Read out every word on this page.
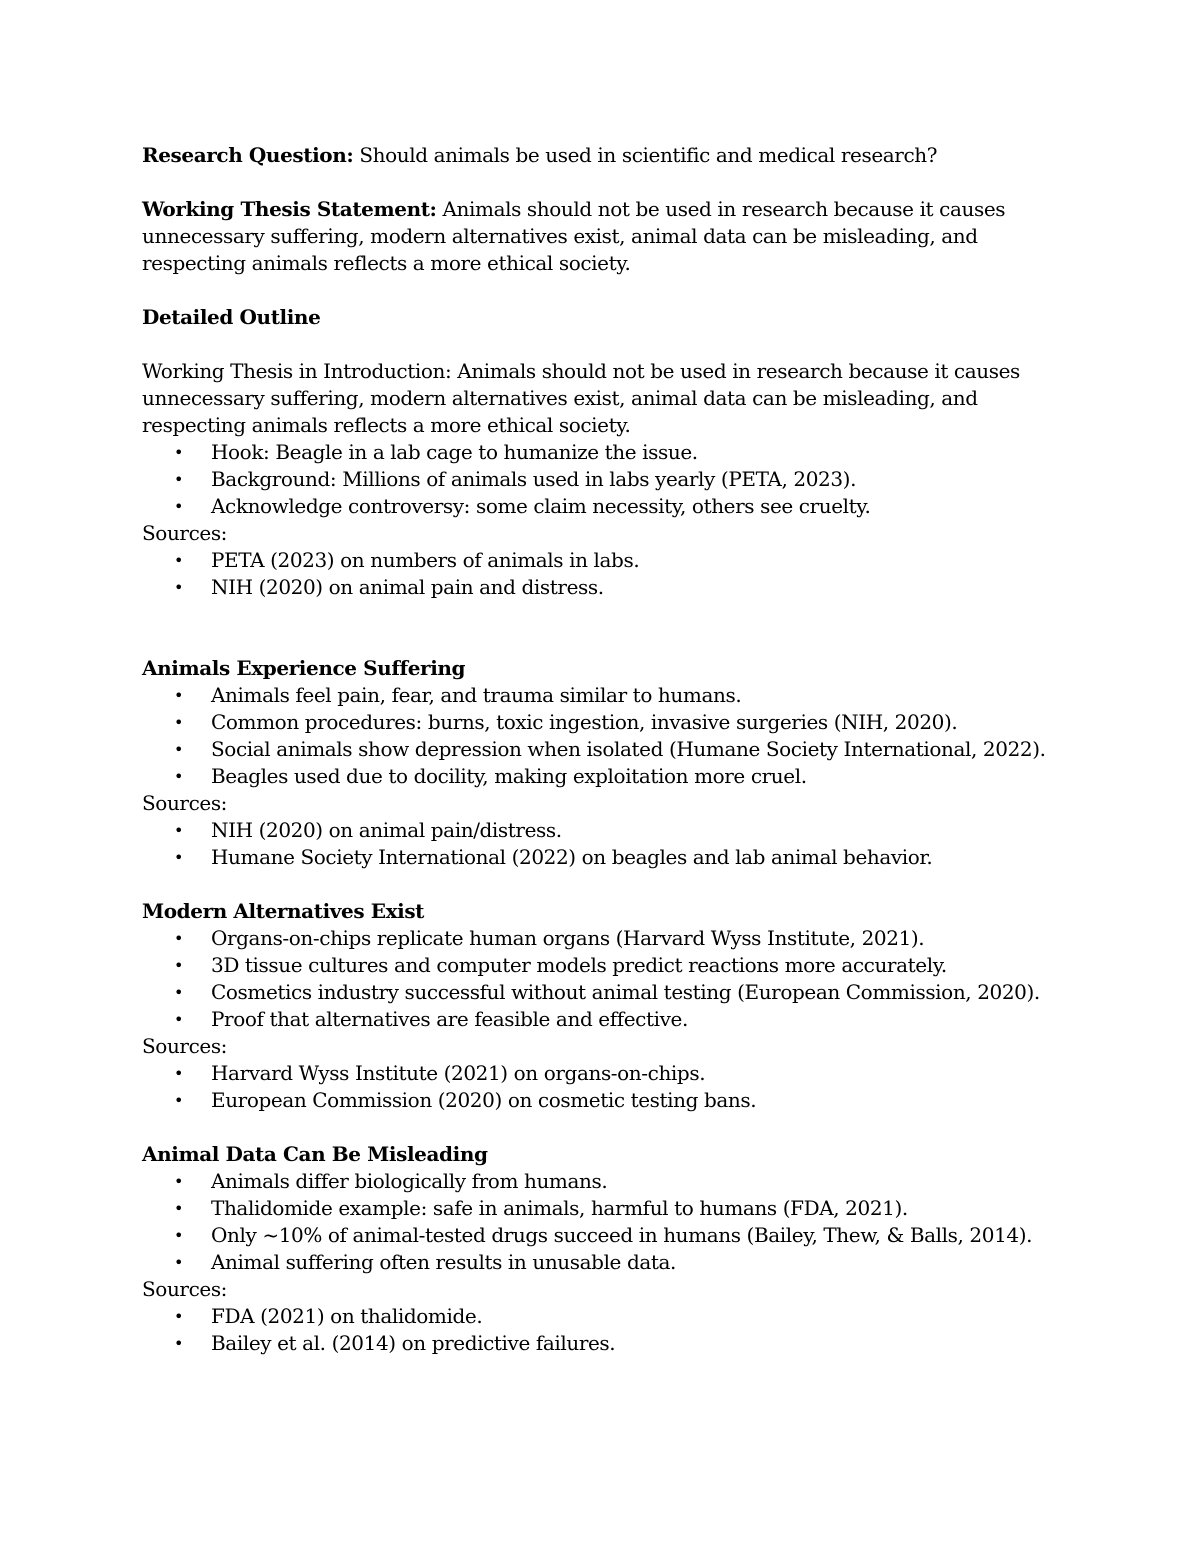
Research Question: Should animals be used in scientific and medical research?

Working Thesis Statement: Animals should not be used in research because it causes unnecessary suffering, modern alternatives exist, animal data can be misleading, and respecting animals reflects a more ethical society.

Detailed Outline

Working Thesis in Introduction: Animals should not be used in research because it causes unnecessary suffering, modern alternatives exist, animal data can be misleading, and respecting animals reflects a more ethical society.

• Hook: Beagle in a lab cage to humanize the issue.
• Background: Millions of animals used in labs yearly (PETA, 2023).
• Acknowledge controversy: some claim necessity, others see cruelty.

Sources:

• PETA (2023) on numbers of animals in labs.
• NIH (2020) on animal pain and distress.

Animals Experience Suffering

• Animals feel pain, fear, and trauma similar to humans.
• Common procedures: burns, toxic ingestion, invasive surgeries (NIH, 2020).
• Social animals show depression when isolated (Humane Society International, 2022).
• Beagles used due to docility, making exploitation more cruel.

Sources:

• NIH (2020) on animal pain/distress.
• Humane Society International (2022) on beagles and lab animal behavior.

Modern Alternatives Exist

• Organs-on-chips replicate human organs (Harvard Wyss Institute, 2021).
• 3D tissue cultures and computer models predict reactions more accurately.
• Cosmetics industry successful without animal testing (European Commission, 2020).
• Proof that alternatives are feasible and effective.

Sources:

• Harvard Wyss Institute (2021) on organs-on-chips.
• European Commission (2020) on cosmetic testing bans.

Animal Data Can Be Misleading

• Animals differ biologically from humans.
• Thalidomide example: safe in animals, harmful to humans (FDA, 2021).
• Only ~10% of animal-tested drugs succeed in humans (Bailey, Thew, & Balls, 2014).
• Animal suffering often results in unusable data.

Sources:

• FDA (2021) on thalidomide.
• Bailey et al. (2014) on predictive failures.
